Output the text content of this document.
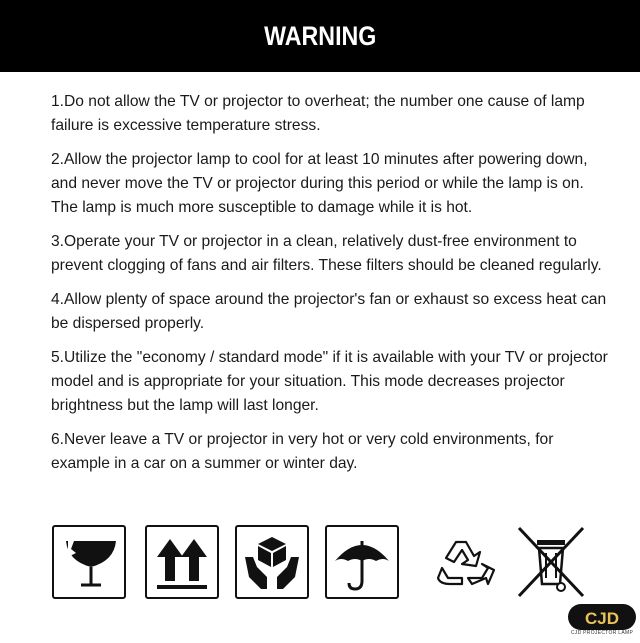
WARNING
1.Do not allow the TV or projector to overheat; the number one cause of lamp failure is excessive temperature stress.
2.Allow the projector lamp to cool for at least 10 minutes after powering down, and never move the TV or projector during this period or while the lamp is on. The lamp is much more susceptible to damage while it is hot.
3.Operate your TV or projector in a clean, relatively dust-free environment to prevent clogging of fans and air filters. These filters should be cleaned regularly.
4.Allow plenty of space around the projector's fan or exhaust so excess heat can be dispersed properly.
5.Utilize the "economy / standard mode" if it is available with your TV or projector model and is appropriate for your situation. This mode decreases projector brightness but the lamp will last longer.
6.Never leave a TV or projector in very hot or very cold environments, for example in a car on a summer or winter day.
CJD
CJD PROJECTOR LAMP
